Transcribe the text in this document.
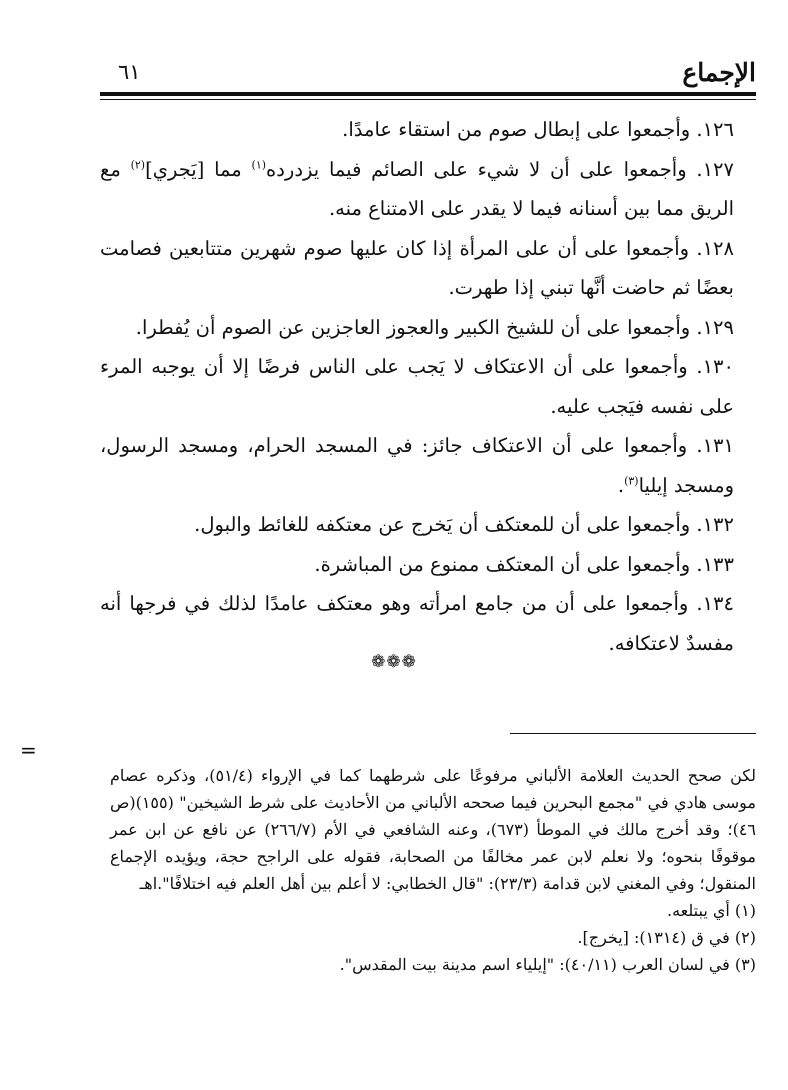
الإجماع
٦١

١٢٦. وأجمعوا على إبطال صوم من استقاء عامدًا.

١٢٧. وأجمعوا على أن لا شيء على الصائم فيما يزدرده$^{(١)}$ مما [يَجري]$^{(٢)}$ مع الريق مما بين أسنانه فيما لا يقدر على الامتناع منه.

١٢٨. وأجمعوا على أن على المرأة إذا كان عليها صوم شهرين متتابعين فصامت بعضًا ثم حاضت أنَّها تبني إذا طهرت.

١٢٩. وأجمعوا على أن للشيخ الكبير والعجوز العاجزين عن الصوم أن يُفطرا.

١٣٠. وأجمعوا على أن الاعتكاف لا يَجب على الناس فرضًا إلا أن يوجبه المرء على نفسه فيَجب عليه.

١٣١. وأجمعوا على أن الاعتكاف جائز: في المسجد الحرام، ومسجد الرسول، ومسجد إيليا$^{(٣)}$.

١٣٢. وأجمعوا على أن للمعتكف أن يَخرج عن معتكفه للغائط والبول.

١٣٣. وأجمعوا على أن المعتكف ممنوع من المباشرة.

١٣٤. وأجمعوا على أن من جامع امرأته وهو معتكف عامدًا لذلك في فرجها أنه مفسدٌ لاعتكافه.

❁❁❁
=

لكن صحح الحديث العلامة الألباني مرفوعًا على شرطهما كما في الإرواء (٥١/٤)، وذكره عصام موسى هادي في "مجمع البحرين فيما صححه الألباني من الأحاديث على شرط الشيخين" (١٥٥)(ص ٤٦)؛ وقد أخرج مالك في الموطأ (٦٧٣)، وعنه الشافعي في الأم (٢٦٦/٧) عن نافع عن ابن عمر موقوفًا بنحوه؛ ولا نعلم لابن عمر مخالفًا من الصحابة، فقوله على الراجح حجة، ويؤيده الإجماع المنقول؛ وفي المغني لابن قدامة (٢٣/٣): "قال الخطابي: لا أعلم بين أهل العلم فيه اختلافًا".اهـ

(١) أي يبتلعه.

(٢) في ق (١٣١٤): [يخرج].

(٣) في لسان العرب (٤٠/١١): "إيلياء اسم مدينة بيت المقدس".
